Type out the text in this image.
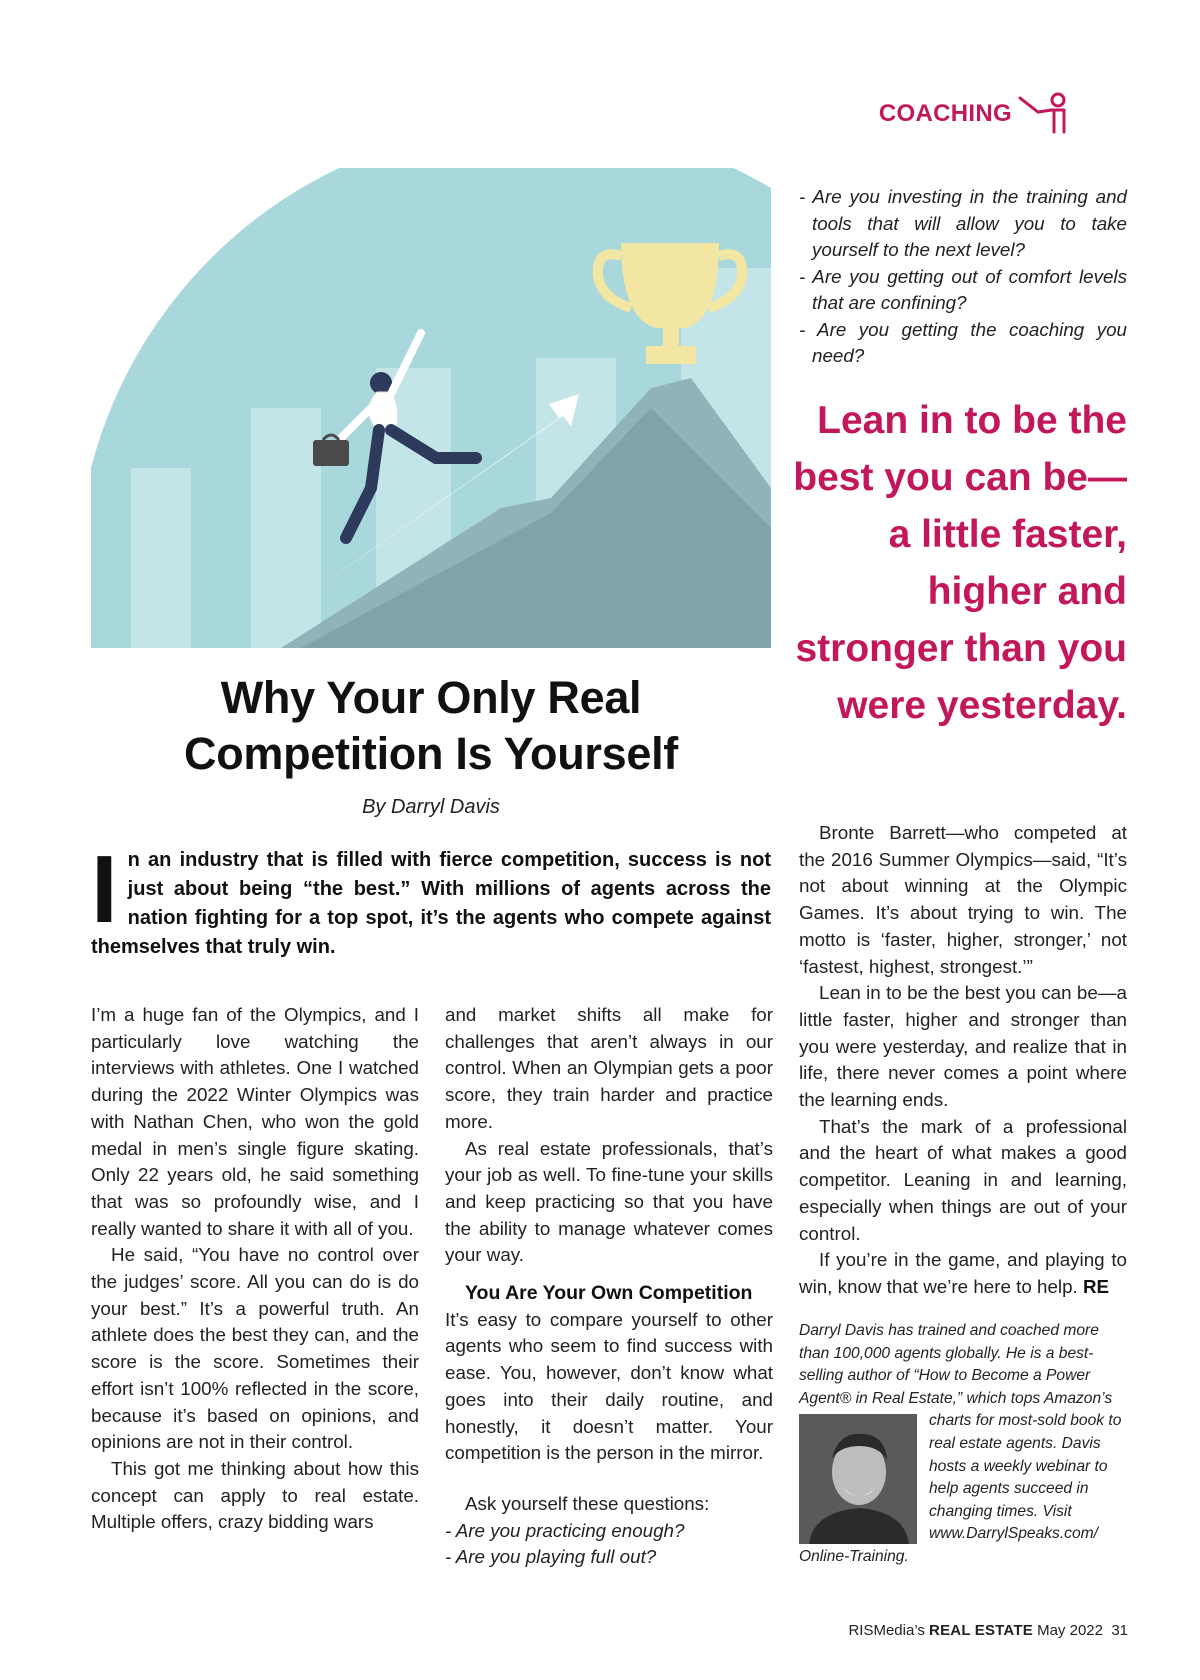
COACHING
Why Your Only Real
Competition Is Yourself
By Darryl Davis
In an industry that is filled with fierce competition, success is not just about being “the best.” With millions of agents across the nation fighting for a top spot, it’s the agents who compete against themselves that truly win.

I’m a huge fan of the Olympics, and I particularly love watching the interviews with athletes. One I watched during the 2022 Winter Olympics was with Nathan Chen, who won the gold medal in men’s single figure skating. Only 22 years old, he said something that was so profoundly wise, and I really wanted to share it with all of you.

He said, “You have no control over the judges’ score. All you can do is do your best.” It’s a powerful truth. An athlete does the best they can, and the score is the score. Sometimes their effort isn’t 100% reflected in the score, because it’s based on opinions, and opinions are not in their control.

This got me thinking about how this concept can apply to real estate. Multiple offers, crazy bidding wars

and market shifts all make for challenges that aren’t always in our control. When an Olympian gets a poor score, they train harder and practice more.

As real estate professionals, that’s your job as well. To fine-tune your skills and keep practicing so that you have the ability to manage whatever comes your way.

You Are Your Own Competition

It’s easy to compare yourself to other agents who seem to find success with ease. You, however, don’t know what goes into their daily routine, and honestly, it doesn’t matter. Your competition is the person in the mirror.

Ask yourself these questions:

- Are you practicing enough?
- Are you playing full out?
- Are you investing in the training and tools that will allow you to take yourself to the next level?
- Are you getting out of comfort levels that are confining?
- Are you getting the coaching you need?
Lean in to be the best you can be—a little faster, higher and stronger than you were yesterday.

Bronte Barrett—who competed at the 2016 Summer Olympics—said, “It’s not about winning at the Olympic Games. It’s about trying to win. The motto is ‘faster, higher, stronger,’ not ‘fastest, highest, strongest.’”

Lean in to be the best you can be—a little faster, higher and stronger than you were yesterday, and realize that in life, there never comes a point where the learning ends.

That’s the mark of a professional and the heart of what makes a good competitor. Leaning in and learning, especially when things are out of your control.

If you’re in the game, and playing to win, know that we’re here to help. RE

Darryl Davis has trained and coached more than 100,000 agents globally. He is a best-selling author of “How to Become a Power Agent® in Real Estate,” which tops Amazon’s charts for most-sold book to
real estate agents. Davis hosts a weekly webinar to help agents succeed in changing times. Visit www.DarrylSpeaks.com/ Online-Training.
RISMedia’s REAL ESTATE May 2022 31
